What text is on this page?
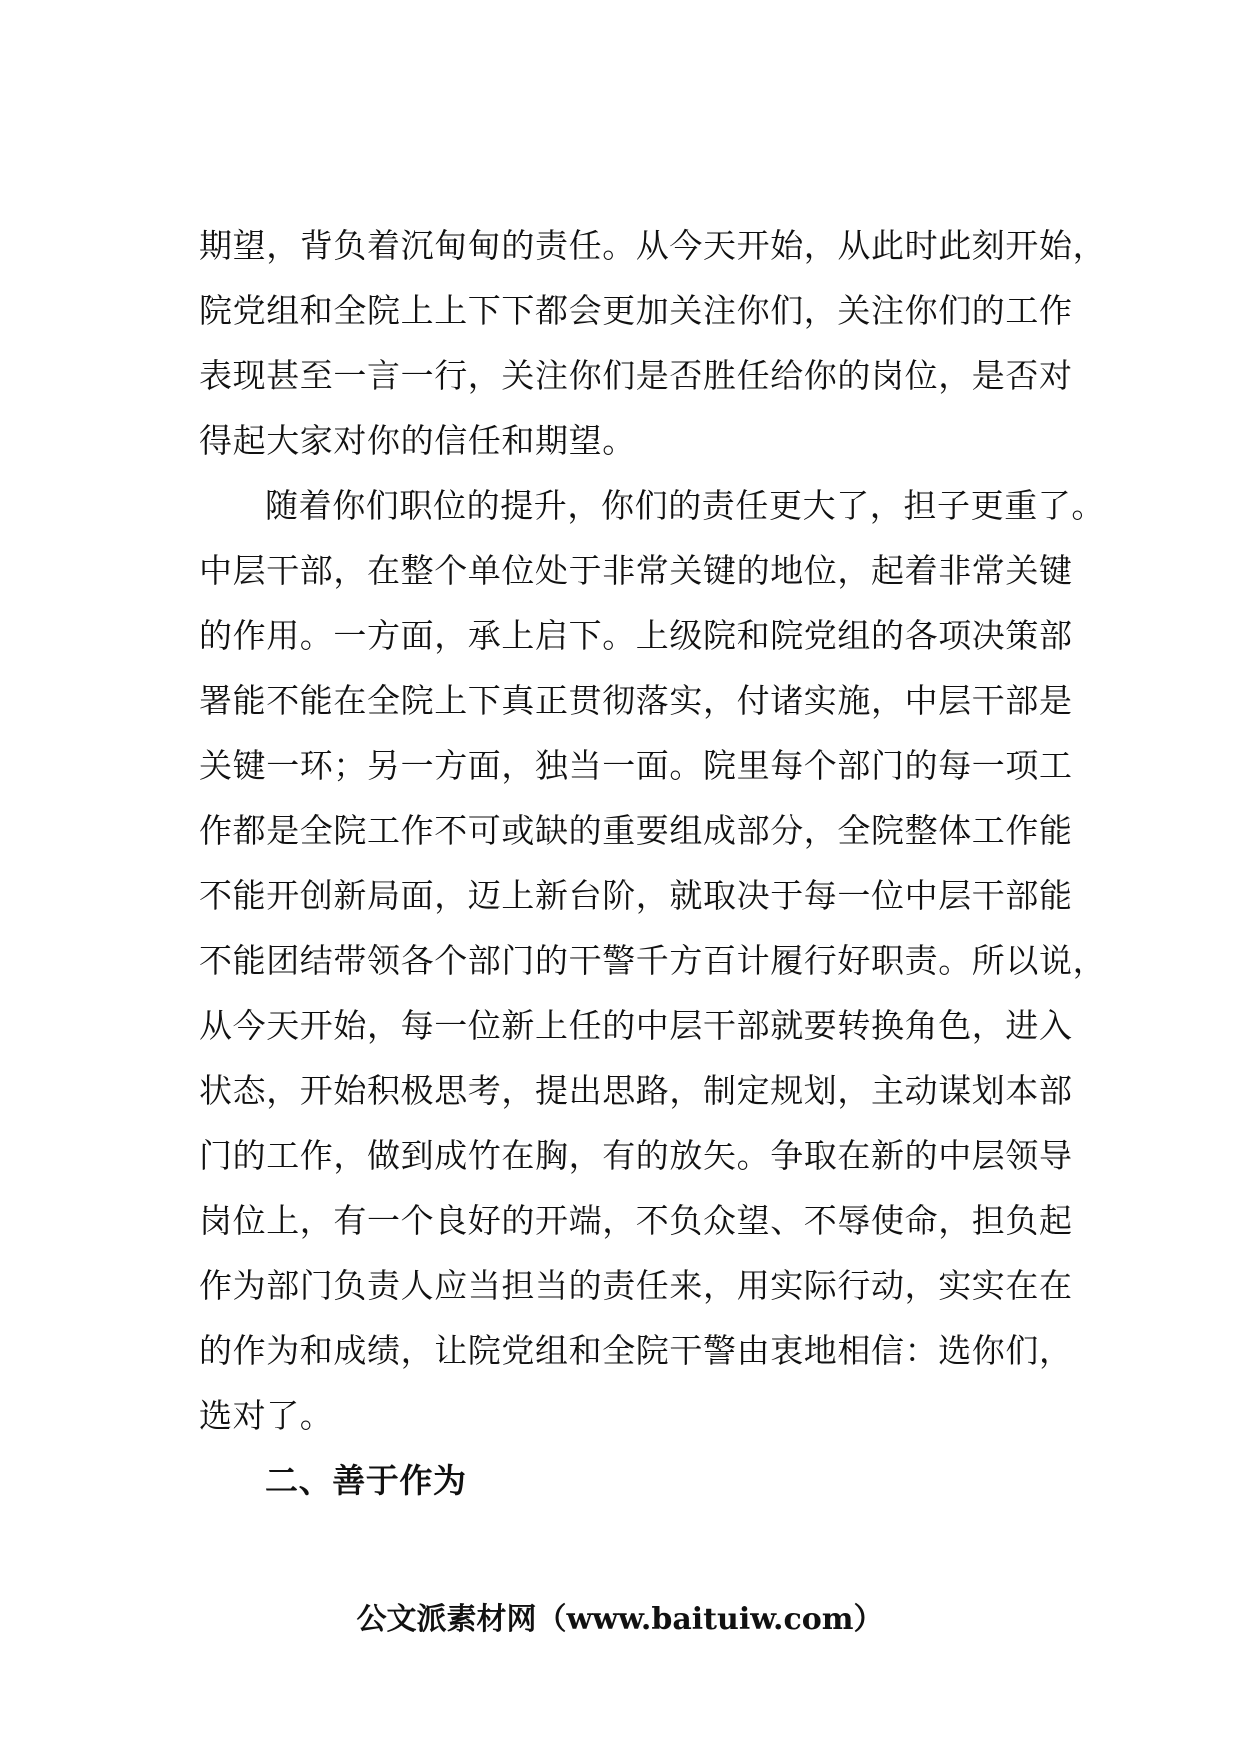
期望，背负着沉甸甸的责任。从今天开始，从此时此刻开始，
院党组和全院上上下下都会更加关注你们，关注你们的工作
表现甚至一言一行，关注你们是否胜任给你的岗位，是否对
得起大家对你的信任和期望。
随着你们职位的提升，你们的责任更大了，担子更重了。
中层干部，在整个单位处于非常关键的地位，起着非常关键
的作用。一方面，承上启下。上级院和院党组的各项决策部
署能不能在全院上下真正贯彻落实，付诸实施，中层干部是
关键一环；另一方面，独当一面。院里每个部门的每一项工
作都是全院工作不可或缺的重要组成部分，全院整体工作能
不能开创新局面，迈上新台阶，就取决于每一位中层干部能
不能团结带领各个部门的干警千方百计履行好职责。所以说，
从今天开始，每一位新上任的中层干部就要转换角色，进入
状态，开始积极思考，提出思路，制定规划，主动谋划本部
门的工作，做到成竹在胸，有的放矢。争取在新的中层领导
岗位上，有一个良好的开端，不负众望、不辱使命，担负起
作为部门负责人应当担当的责任来，用实际行动，实实在在
的作为和成绩，让院党组和全院干警由衷地相信：选你们，
选对了。
二、善于作为
公文派素材网（www.baitui​w.com）
